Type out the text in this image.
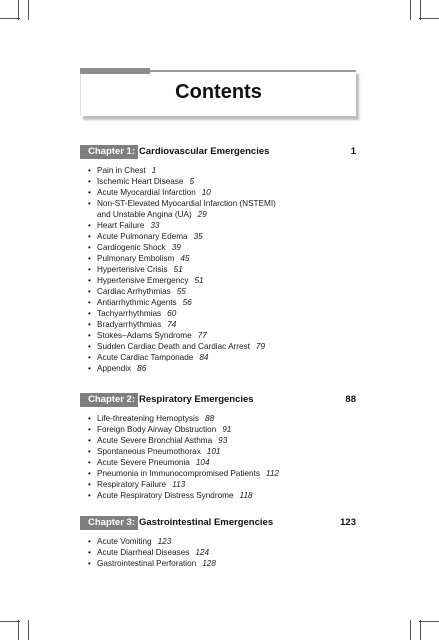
Contents
Chapter 1: Cardiovascular Emergencies	1
• Pain in Chest 1
• Ischemic Heart Disease 5
• Acute Myocardial Infarction 10
• Non-ST-Elevated Myocardial Infarction (NSTEMI)
and Unstable Angina (UA) 29
• Heart Failure 33
• Acute Pulmonary Edema 35
• Cardiogenic Shock 39
• Pulmonary Embolism 45
• Hypertensive Crisis 51
• Hypertensive Emergency 51
• Cardiac Arrhythmias 55
• Antiarrhythmic Agents 56
• Tachyarrhythmias 60
• Bradyarrhythmias 74
• Stokes–Adams Syndrome 77
• Sudden Cardiac Death and Cardiac Arrest 79
• Acute Cardiac Tamponade 84
• Appendix 86
Chapter 2: Respiratory Emergencies	88
• Life-threatening Hemoptysis 88
• Foreign Body Airway Obstruction 91
• Acute Severe Bronchial Asthma 93
• Spontaneous Pneumothorax 101
• Acute Severe Pneumonia 104
• Pneumonia in Immunocompromised Patients 112
• Respiratory Failure 113
• Acute Respiratory Distress Syndrome 118
Chapter 3: Gastrointestinal Emergencies	123
• Acute Vomiting 123
• Acute Diarrheal Diseases 124
• Gastrointestinal Perforation 128
